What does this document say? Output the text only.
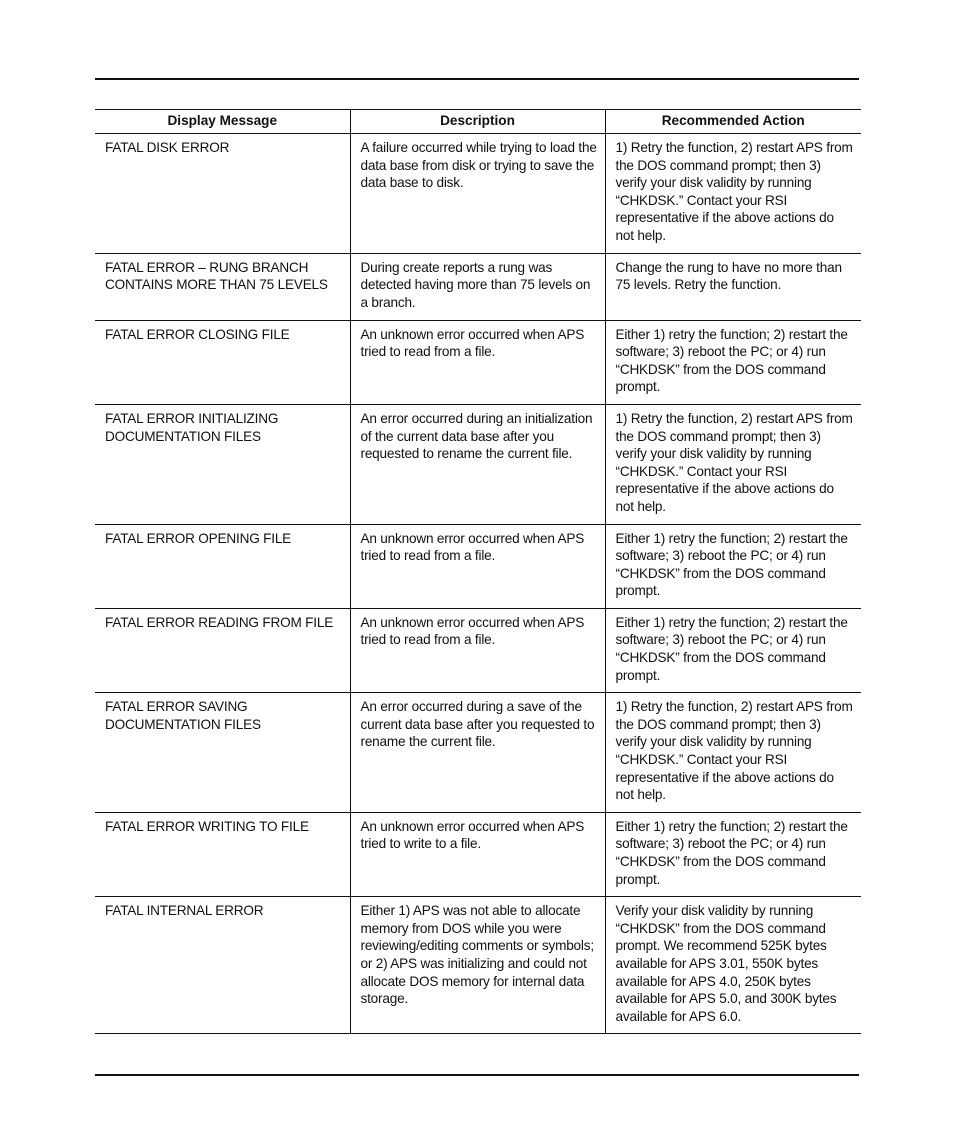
Display Message	Description	Recommended Action
FATAL DISK ERROR	A failure occurred while trying to load the data base from disk or trying to save the data base to disk.	1) Retry the function, 2) restart APS from the DOS command prompt; then 3) verify your disk validity by running “CHKDSK.” Contact your RSI representative if the above actions do not help.
FATAL ERROR – RUNG BRANCH CONTAINS MORE THAN 75 LEVELS	During create reports a rung was detected having more than 75 levels on a branch.	Change the rung to have no more than 75 levels. Retry the function.
FATAL ERROR CLOSING FILE	An unknown error occurred when APS tried to read from a file.	Either 1) retry the function; 2) restart the software; 3) reboot the PC; or 4) run “CHKDSK” from the DOS command prompt.
FATAL ERROR INITIALIZING DOCUMENTATION FILES	An error occurred during an initialization of the current data base after you requested to rename the current file.	1) Retry the function, 2) restart APS from the DOS command prompt; then 3) verify your disk validity by running “CHKDSK.” Contact your RSI representative if the above actions do not help.
FATAL ERROR OPENING FILE	An unknown error occurred when APS tried to read from a file.	Either 1) retry the function; 2) restart the software; 3) reboot the PC; or 4) run “CHKDSK” from the DOS command prompt.
FATAL ERROR READING FROM FILE	An unknown error occurred when APS tried to read from a file.	Either 1) retry the function; 2) restart the software; 3) reboot the PC; or 4) run “CHKDSK” from the DOS command prompt.
FATAL ERROR SAVING DOCUMENTATION FILES	An error occurred during a save of the current data base after you requested to rename the current file.	1) Retry the function, 2) restart APS from the DOS command prompt; then 3) verify your disk validity by running “CHKDSK.” Contact your RSI representative if the above actions do not help.
FATAL ERROR WRITING TO FILE	An unknown error occurred when APS tried to write to a file.	Either 1) retry the function; 2) restart the software; 3) reboot the PC; or 4) run “CHKDSK” from the DOS command prompt.
FATAL INTERNAL ERROR	Either 1) APS was not able to allocate memory from DOS while you were reviewing/editing comments or symbols; or 2) APS was initializing and could not allocate DOS memory for internal data storage.	Verify your disk validity by running “CHKDSK” from the DOS command prompt. We recommend 525K bytes available for APS 3.01, 550K bytes available for APS 4.0, 250K bytes available for APS 5.0, and 300K bytes available for APS 6.0.
